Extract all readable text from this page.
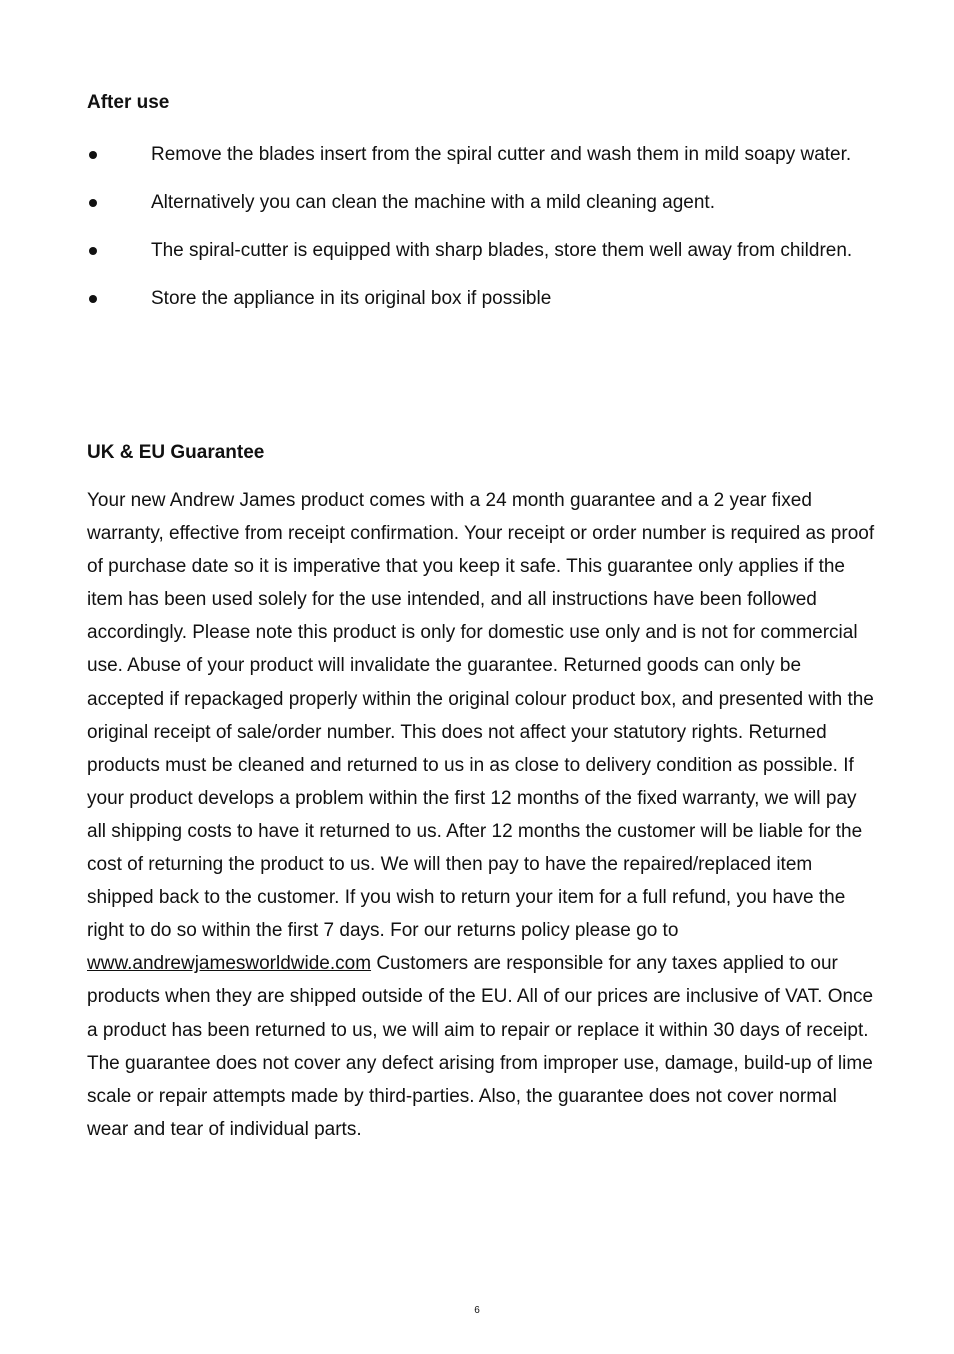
After use
Remove the blades insert from the spiral cutter and wash them in mild soapy water.
Alternatively you can clean the machine with a mild cleaning agent.
The spiral-cutter is equipped with sharp blades, store them well away from children.
Store the appliance in its original box if possible
UK & EU Guarantee

Your new Andrew James product comes with a 24 month guarantee and a 2 year fixed warranty, effective from receipt confirmation. Your receipt or order number is required as proof of purchase date so it is imperative that you keep it safe. This guarantee only applies if the item has been used solely for the use intended, and all instructions have been followed accordingly. Please note this product is only for domestic use only and is not for commercial use. Abuse of your product will invalidate the guarantee. Returned goods can only be accepted if repackaged properly within the original colour product box, and presented with the original receipt of sale/order number. This does not affect your statutory rights. Returned products must be cleaned and returned to us in as close to delivery condition as possible. If your product develops a problem within the first 12 months of the fixed warranty, we will pay all shipping costs to have it returned to us. After 12 months the customer will be liable for the cost of returning the product to us. We will then pay to have the repaired/replaced item shipped back to the customer. If you wish to return your item for a full refund, you have the right to do so within the first 7 days. For our returns policy please go to www.andrewjamesworldwide.com Customers are responsible for any taxes applied to our products when they are shipped outside of the EU. All of our prices are inclusive of VAT. Once a product has been returned to us, we will aim to repair or replace it within 30 days of receipt. The guarantee does not cover any defect arising from improper use, damage, build-up of lime scale or repair attempts made by third-parties. Also, the guarantee does not cover normal wear and tear of individual parts.

6
